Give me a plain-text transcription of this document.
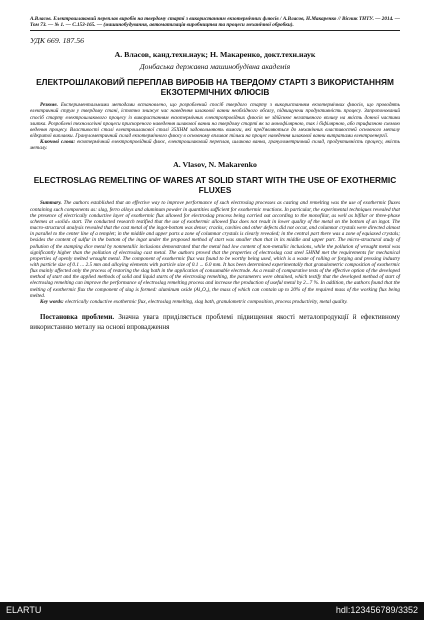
А.Власов. Електрошлаковий переплав виробів на твердому старті з використанням екзотермічних флюсів / А.Власов, Н.Макаренко // Вісник ТНТУ. — 2014. — Том 73. — № 1. — С.153-165. — (машинобудування, автоматизація виробництва та процеси механічної обробки).
УДК 669. 187.56
А. Власов, канд.техн.наук; Н. Макаренко, докт.техн.наук
Донбаська державна машинобудівна академія
ЕЛЕКТРОШЛАКОВИЙ ПЕРЕПЛАВ ВИРОБІВ НА ТВЕРДОМУ СТАРТІ З ВИКОРИСТАННЯМ ЕКЗОТЕРМІЧНИХ ФЛЮСІВ
Резюме. Експериментальними методами встановлено, що розроблений спосіб твердого старту з використанням екзотермічних флюсів, що проводять електричний струм у твердому стані, істотно знижує час наведення шлакової ванни необхідного обсягу, підвищуючи продуктивність процесу. Запропонований спосіб старту електрошлакового процесу із використанням екзотермічних електропровідних флюсів не здійснює негативного впливу на якість донної частини злитка. Розроблені технологічні процеси прискореного наведення шлакової ванни на твердому старті як за монофілярною, так і біфілярною, або трифазною схемою ведення процесу. Властивості сталі електрошлакової сталі 35ХНМ задовольняють вимоги, які пред'являються до механічних властивостей основного металу відкритої виплавки. Гранулометричний склад екзотермічного флюсу в основному впливає тільки на процес наведення шлакової ванни витратами електроенергії.
Ключові слова: екзотермічний електропровідний флюс, електрошлаковий переплав, шлакова ванна, гранулометричний склад, продуктивність процесу, якість металу.
A. Vlasov, N. Makarenko
ELECTROSLAG REMELTING OF WARES AT SOLID START WITH THE USE OF EXOTHERMIC FLUXES
Summary. The authors established that an effective way to improve performance of such electroslag processes as casting and remelting was the use of exothermic fluxes containing such components as: slag, ferro alloys and aluminum powder in quantities sufficient for exothermic reactions. In particular, the experimental techniques revealed that the presence of electrically conductive layer of exothermic flux allowed for electroslag process being carried out according to the monofilar, as well as bifilar or three-phase schemes at «solid» start. The conducted research testified that the use of exothermic allowed flux does not result in lower quality of the metal on the bottom of an ingot. The macro-structural analysis revealed that the cast metal of the ingot-bottom was dense; cracks, cavities and other defects did not occur, and columnar crystals were directed almost in parallel to the center line of a templet; in the middle and upper parts a zone of columnar crystals is clearly revealed; in the central part there was a zone of equiaxed crystals; besides the content of sulfur in the bottom of the ingot under the proposed method of start was smaller than that in its middle and upper part. The micro-structural study of pollution of the stamping dice metal by nonmetallic inclusions demonstrated that the metal had low content of non-metallic inclusions, while the pollution of wrought metal was significantly higher than the pollution of electroslag cast metal. The authors proved that the properties of electroslag cast steel 5HNM met the requirements for mechanical properties of openly melted wrought metal. The component of exothermic flux was found to be worthy being used, which is a waste of rolling or forging and pressing industry with particle size of 0.1 ... 2.5 mm and alloying elements with particle size of 0.1 ... 6.0 mm. It has been determined experimentally that granulometric composition of exothermic flux mainly affected only the process of restoring the slag bath in the application of consumable electrode. As a result of comparative tests of the effective option of the developed method of start and the applied methods of solid and liquid starts of the electroslag remelting, the parameters were obtained, which testify that the developed method of start of electroslag remelting can improve the performance of electroslag remelting process and increase the production of useful metal by 2...7 %. In addition, the authors found that the melting of exothermic flux the component of slag is formed: aluminum oxide (Al₂O₃), the mass of which can contain up to 20% of the required mass of the working flux being melted.
Key words: electrically conductive exothermic flux, electroslag remelting, slag bath, granulometric composition, process productivity, metal quality.
Постановка проблеми. Значна увага приділяється проблемі підвищення якості металопродукції й ефективному використанню металу на основі впровадження
ELARTU	hdl:123456789/3352
